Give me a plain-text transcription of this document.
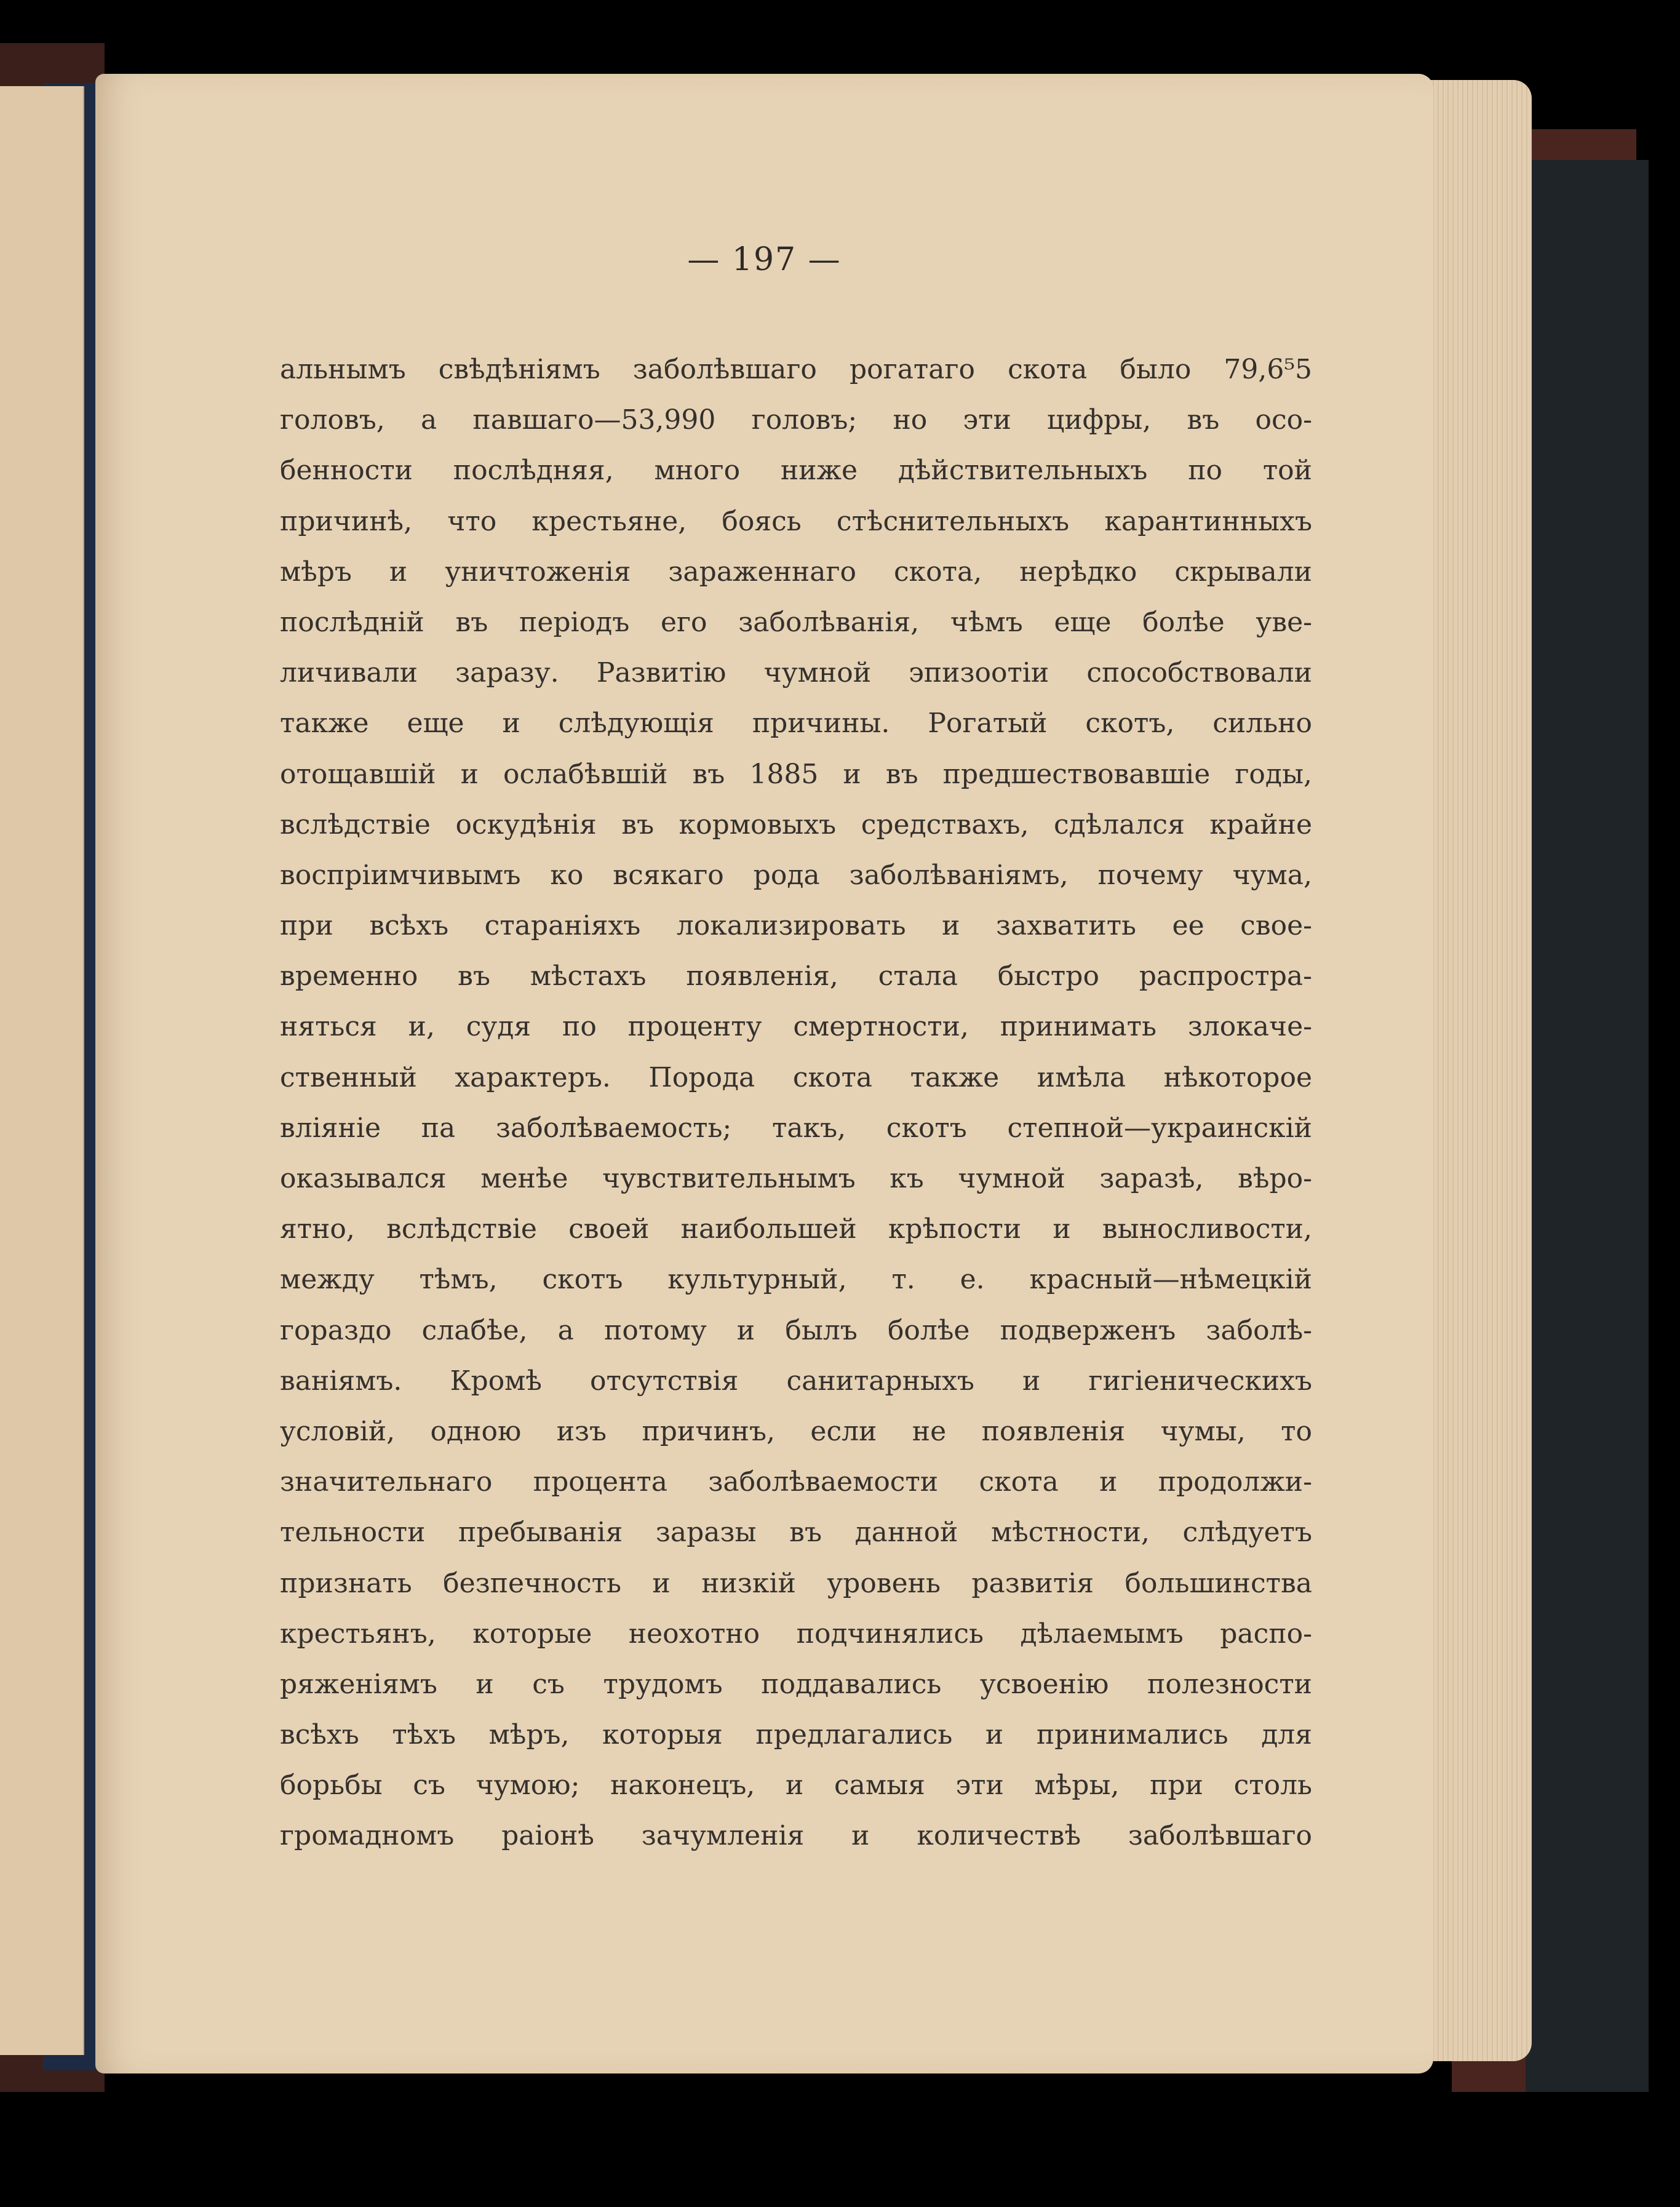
— 197 —
альнымъ свѣдѣніямъ заболѣвшаго рогатаго скота было 79,6⁵5
головъ, а павшаго—53,990 головъ; но эти цифры, въ осо-
бенности послѣдняя, много ниже дѣйствительныхъ по той
причинѣ, что крестьяне, боясь стѣснительныхъ карантинныхъ
мѣръ и уничтоженія зараженнаго скота, нерѣдко скрывали
послѣдній въ періодъ его заболѣванія, чѣмъ еще болѣе уве-
личивали заразу. Развитію чумной эпизоотіи способствовали
также еще и слѣдующія причины. Рогатый скотъ, сильно
отощавшій и ослабѣвшій въ 1885 и въ предшествовавшіе годы,
вслѣдствіе оскудѣнія въ кормовыхъ средствахъ, сдѣлался крайне
воспріимчивымъ ко всякаго рода заболѣваніямъ, почему чума,
при всѣхъ стараніяхъ локализировать и захватить ее свое-
временно въ мѣстахъ появленія, стала быстро распростра-
няться и, судя по проценту смертности, принимать злокаче-
ственный характеръ. Порода скота также имѣла нѣкоторое
вліяніе па заболѣваемость; такъ, скотъ степной—украинскій
оказывался менѣе чувствительнымъ къ чумной заразѣ, вѣро-
ятно, вслѣдствіе своей наибольшей крѣпости и выносливости,
между тѣмъ, скотъ культурный, т. е. красный—нѣмецкій
гораздо слабѣе, а потому и былъ болѣе подверженъ заболѣ-
ваніямъ. Кромѣ отсутствія санитарныхъ и гигіеническихъ
условій, одною изъ причинъ, если не появленія чумы, то
значительнаго процента заболѣваемости скота и продолжи-
тельности пребыванія заразы въ данной мѣстности, слѣдуетъ
признать безпечность и низкій уровень развитія большинства
крестьянъ, которые неохотно подчинялись дѣлаемымъ распо-
ряженіямъ и съ трудомъ поддавались усвоенію полезности
всѣхъ тѣхъ мѣръ, которыя предлагались и принимались для
борьбы съ чумою; наконецъ, и самыя эти мѣры, при столь
громадномъ раіонѣ зачумленія и количествѣ заболѣвшаго
